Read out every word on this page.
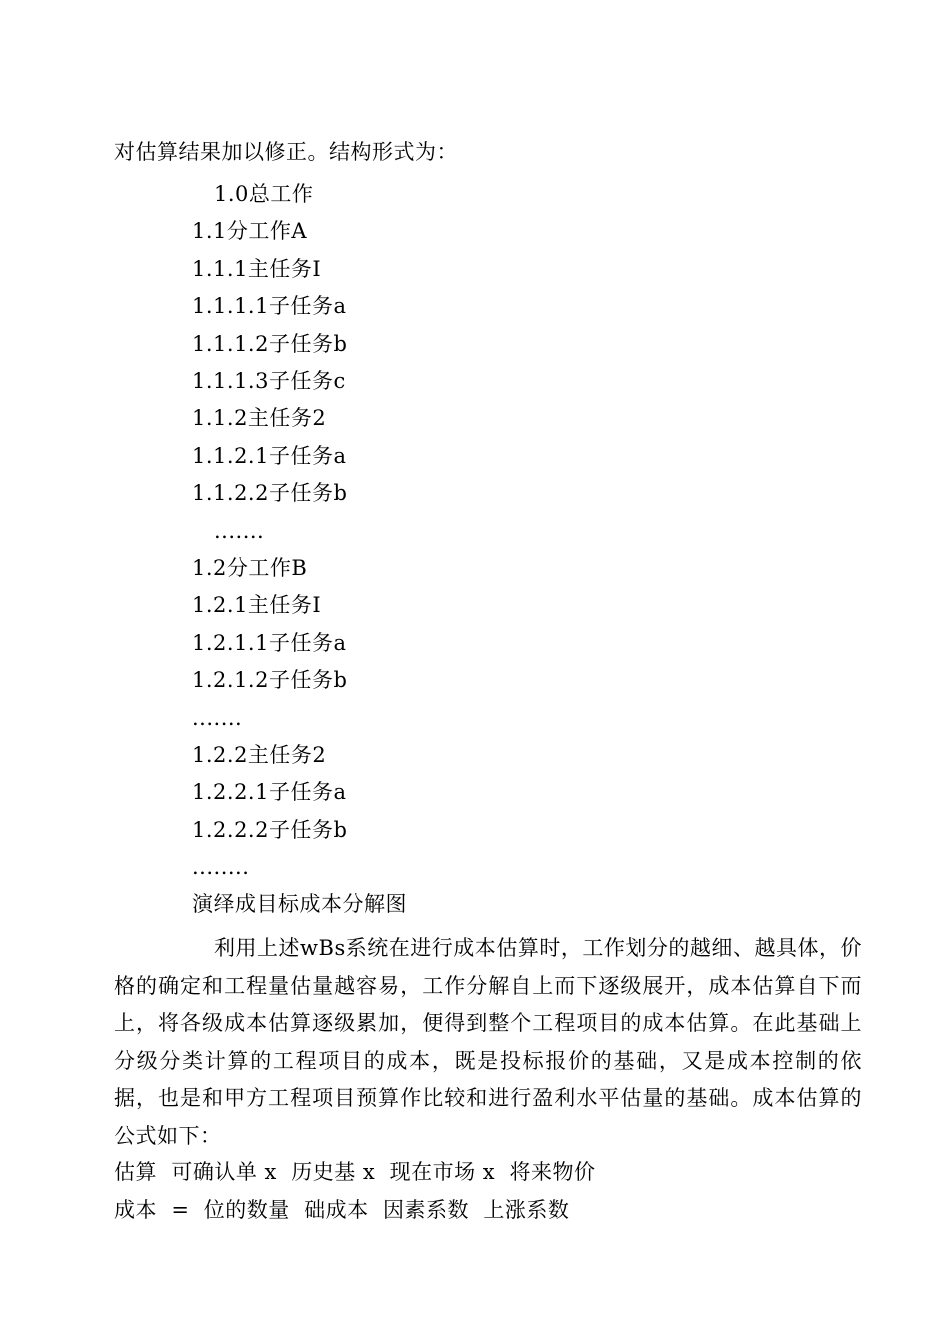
对估算结果加以修正。结构形式为：
1.0总工作
1.1分工作A
1.1.1主任务I
1.1.1.1子任务a
1.1.1.2子任务b
1.1.1.3子任务c
1.1.2主任务2
1.1.2.1子任务a
1.1.2.2子任务b
.......
1.2分工作B
1.2.1主任务I
1.2.1.1子任务a
1.2.1.2子任务b
.......
1.2.2主任务2
1.2.2.1子任务a
1.2.2.2子任务b
........
演绎成目标成本分解图
利用上述wBs系统在进行成本估算时，工作划分的越细、越具体，价格的确定和工程量估量越容易，工作分解自上而下逐级展开，成本估算自下而上，将各级成本估算逐级累加，便得到整个工程项目的成本估算。在此基础上分级分类计算的工程项目的成本，既是投标报价的基础，又是成本控制的依据，也是和甲方工程项目预算作比较和进行盈利水平估量的基础。成本估算的公式如下：
估算  可确认单 x  历史基 x  现在市场 x  将来物价
成本  =  位的数量  础成本  因素系数  上涨系数
